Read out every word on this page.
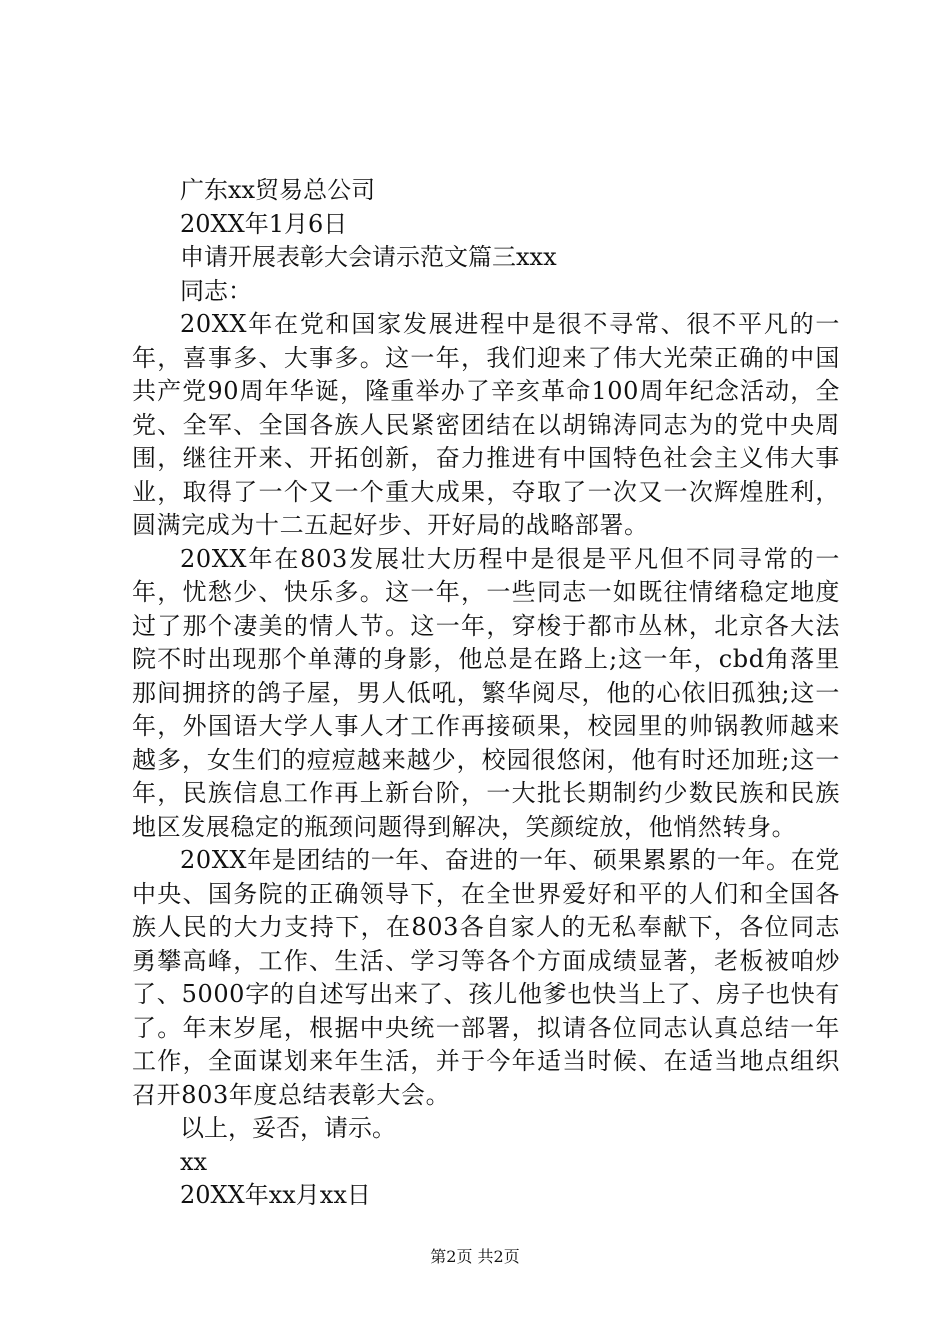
广东xx贸易总公司

20XX年1月6日

申请开展表彰大会请示范文篇三xxx

同志：

20XX年在党和国家发展进程中是很不寻常、很不平凡的一年，喜事多、大事多。这一年，我们迎来了伟大光荣正确的中国共产党90周年华诞，隆重举办了辛亥革命100周年纪念活动，全党、全军、全国各族人民紧密团结在以胡锦涛同志为的党中央周围，继往开来、开拓创新，奋力推进有中国特色社会主义伟大事业，取得了一个又一个重大成果，夺取了一次又一次辉煌胜利，圆满完成为十二五起好步、开好局的战略部署。

20XX年在803发展壮大历程中是很是平凡但不同寻常的一年，忧愁少、快乐多。这一年，一些同志一如既往情绪稳定地度过了那个凄美的情人节。这一年，穿梭于都市丛林，北京各大法院不时出现那个单薄的身影，他总是在路上;这一年，cbd角落里那间拥挤的鸽子屋，男人低吼，繁华阅尽，他的心依旧孤独;这一年，外国语大学人事人才工作再接硕果，校园里的帅锅教师越来越多，女生们的痘痘越来越少，校园很悠闲，他有时还加班;这一年，民族信息工作再上新台阶，一大批长期制约少数民族和民族地区发展稳定的瓶颈问题得到解决，笑颜绽放，他悄然转身。

20XX年是团结的一年、奋进的一年、硕果累累的一年。在党中央、国务院的正确领导下，在全世界爱好和平的人们和全国各族人民的大力支持下，在803各自家人的无私奉献下，各位同志勇攀高峰，工作、生活、学习等各个方面成绩显著，老板被咱炒了、5000字的自述写出来了、孩儿他爹也快当上了、房子也快有了。年末岁尾，根据中央统一部署，拟请各位同志认真总结一年工作，全面谋划来年生活，并于今年适当时候、在适当地点组织召开803年度总结表彰大会。

以上，妥否，请示。

xx

20XX年xx月xx日

第2页 共2页
